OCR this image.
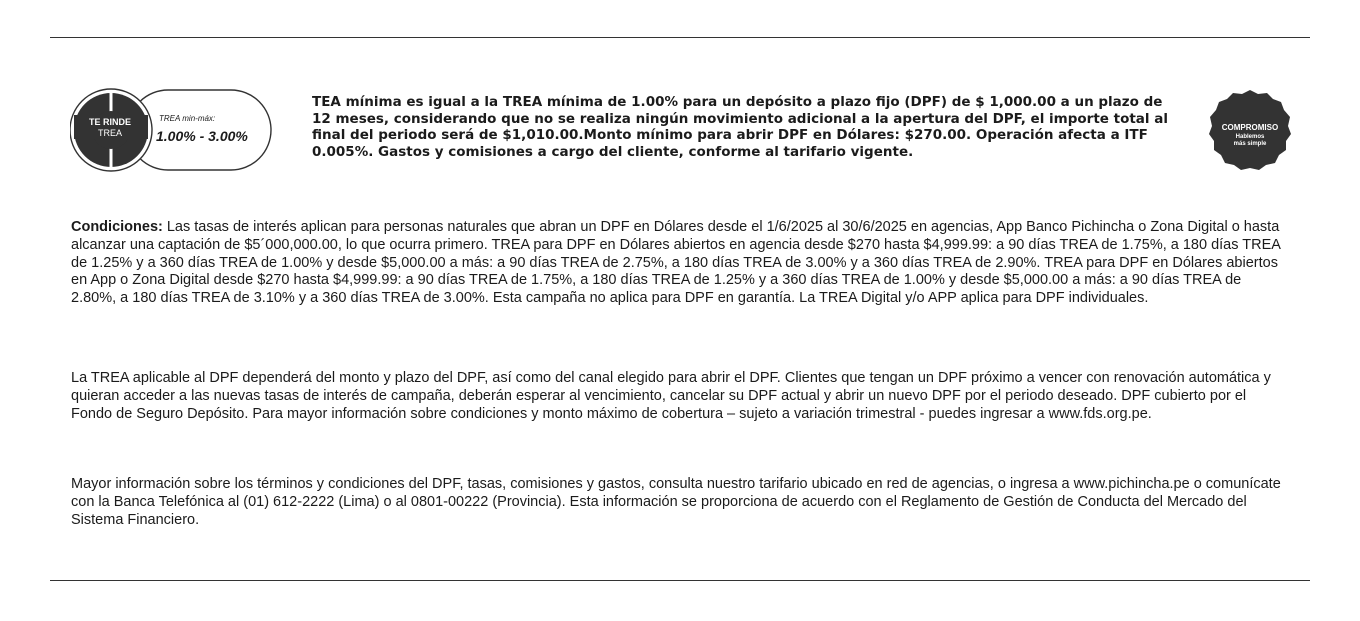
TE RINDE
TREA
TREA min-máx:
1.00% - 3.00%
TEA mínima es igual a la TREA mínima de 1.00% para un depósito a plazo fijo (DPF) de $ 1,000.00 a un plazo de 12 meses, considerando que no se realiza ningún movimiento adicional a la apertura del DPF, el importe total al final del periodo será de $1,010.00.Monto mínimo para abrir DPF en Dólares: $270.00. Operación afecta a ITF 0.005%. Gastos y comisiones a cargo del cliente, conforme al tarifario vigente.
COMPROMISO
Hablemos
más simple
Condiciones: Las tasas de interés aplican para personas naturales que abran un DPF en Dólares desde el 1/6/2025 al 30/6/2025 en agencias, App Banco Pichincha o Zona Digital o hasta alcanzar una captación de $5´000,000.00, lo que ocurra primero. TREA para DPF en Dólares abiertos en agencia desde $270 hasta $4,999.99: a 90 días TREA de 1.75%, a 180 días TREA de 1.25% y a 360 días TREA de 1.00% y desde $5,000.00 a más: a 90 días TREA de 2.75%, a 180 días TREA de 3.00% y a 360 días TREA de 2.90%. TREA para DPF en Dólares abiertos en App o Zona Digital desde $270 hasta $4,999.99: a 90 días TREA de 1.75%, a 180 días TREA de 1.25% y a 360 días TREA de 1.00% y desde $5,000.00 a más: a 90 días TREA de 2.80%, a 180 días TREA de 3.10% y a 360 días TREA de 3.00%. Esta campaña no aplica para DPF en garantía. La TREA Digital y/o APP aplica para DPF individuales.
La TREA aplicable al DPF dependerá del monto y plazo del DPF, así como del canal elegido para abrir el DPF. Clientes que tengan un DPF próximo a vencer con renovación automática y quieran acceder a las nuevas tasas de interés de campaña, deberán esperar al vencimiento, cancelar su DPF actual y abrir un nuevo DPF por el periodo deseado. DPF cubierto por el Fondo de Seguro Depósito. Para mayor información sobre condiciones y monto máximo de cobertura – sujeto a variación trimestral - puedes ingresar a www.fds.org.pe.
Mayor información sobre los términos y condiciones del DPF, tasas, comisiones y gastos, consulta nuestro tarifario ubicado en red de agencias, o ingresa a www.pichincha.pe o comunícate con la Banca Telefónica al (01) 612-2222 (Lima) o al 0801-00222 (Provincia). Esta información se proporciona de acuerdo con el Reglamento de Gestión de Conducta del Mercado del Sistema Financiero.
